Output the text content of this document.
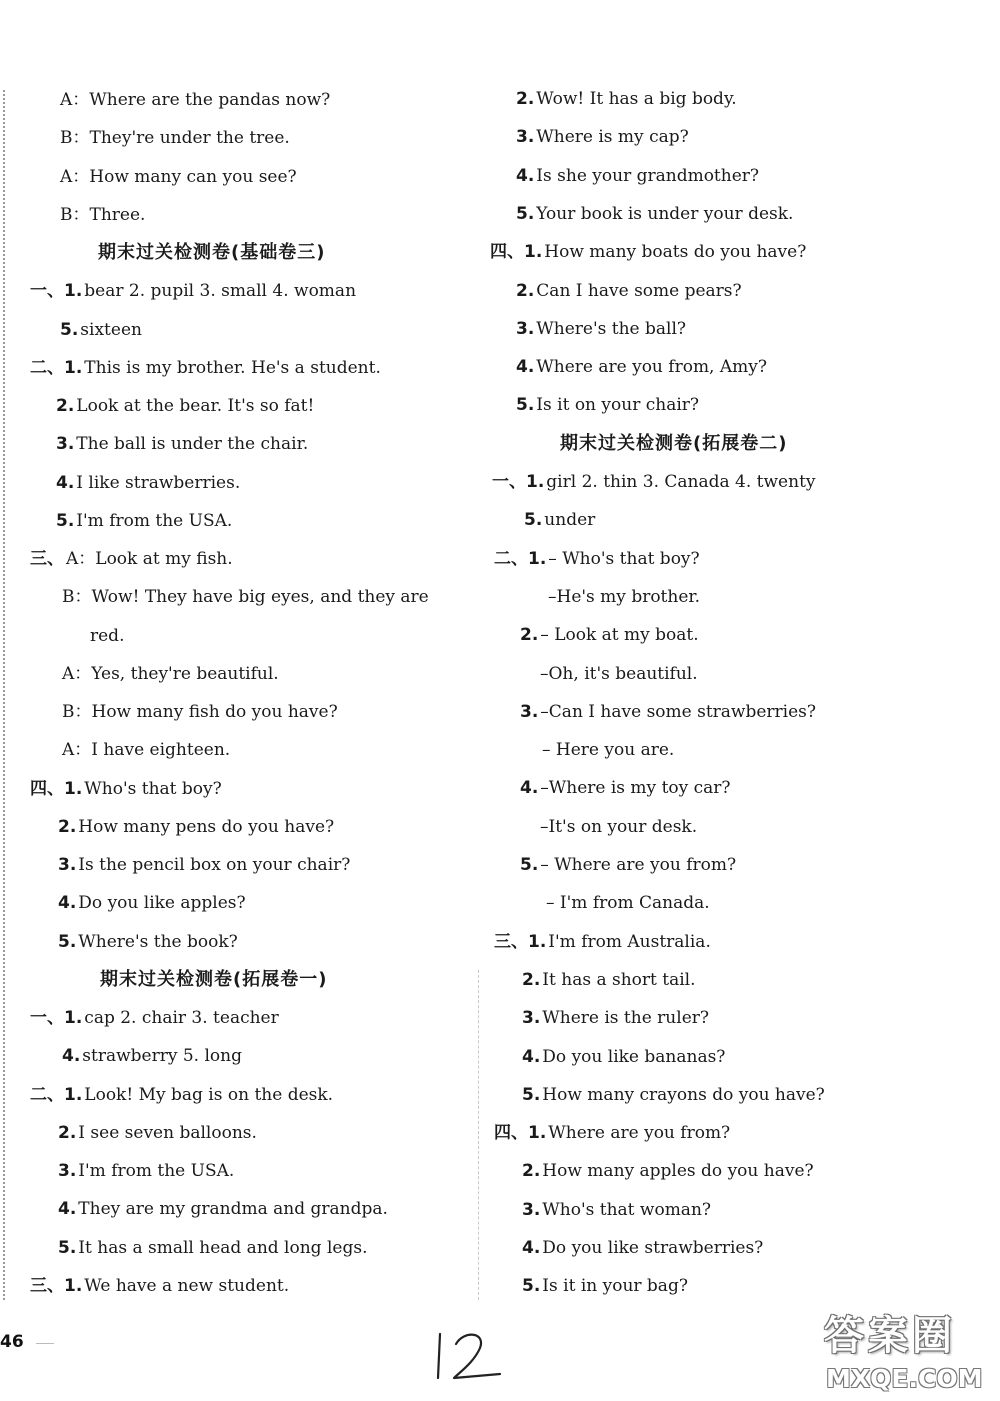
A：Where are the pandas now?
B：They're under the tree.
A：How many can you see?
B：Three.
期末过关检测卷(基础卷三)
一、1. bear 2. pupil 3. small 4. woman
5. sixteen
二、1. This is my brother. He's a student.
2. Look at the bear. It's so fat!
3. The ball is under the chair.
4. I like strawberries.
5. I'm from the USA.
三、 A：Look at my fish.
B：Wow! They have big eyes, and they are
red.
A：Yes, they're beautiful.
B：How many fish do you have?
A：I have eighteen.
四、1. Who's that boy?
2. How many pens do you have?
3. Is the pencil box on your chair?
4. Do you like apples?
5. Where's the book?
期末过关检测卷(拓展卷一)
一、1. cap 2. chair 3. teacher
4. strawberry 5. long
二、1. Look! My bag is on the desk.
2. I see seven balloons.
3. I'm from the USA.
4. They are my grandma and grandpa.
5. It has a small head and long legs.
三、1. We have a new student.
2. Wow! It has a big body.
3. Where is my cap?
4. Is she your grandmother?
5. Your book is under your desk.
四、1. How many boats do you have?
2. Can I have some pears?
3. Where's the ball?
4. Where are you from, Amy?
5. Is it on your chair?
期末过关检测卷(拓展卷二)
一、1. girl 2. thin 3. Canada 4. twenty
5. under
二、1. – Who's that boy?
–He's my brother.
2. – Look at my boat.
–Oh, it's beautiful.
3. –Can I have some strawberries?
– Here you are.
4. –Where is my toy car?
–It's on your desk.
5. – Where are you from?
– I'm from Canada.
三、1. I'm from Australia.
2. It has a short tail.
3. Where is the ruler?
4. Do you like bananas?
5. How many crayons do you have?
四、1. Where are you from?
2. How many apples do you have?
3. Who's that woman?
4. Do you like strawberries?
5. Is it in your bag?
46	答案圈
MXQE.COM
